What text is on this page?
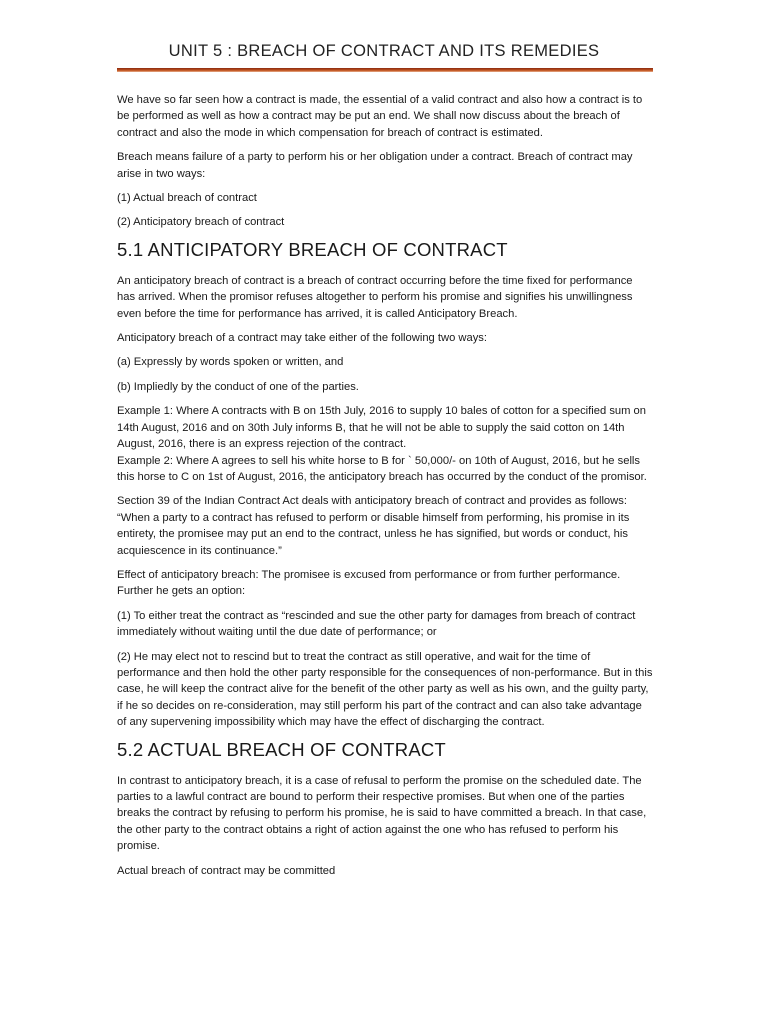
UNIT 5 : BREACH OF CONTRACT AND ITS REMEDIES

We have so far seen how a contract is made, the essential of a valid contract and also how a contract is to be performed as well as how a contract may be put an end. We shall now discuss about the breach of contract and also the mode in which compensation for breach of contract is estimated.

Breach means failure of a party to perform his or her obligation under a contract. Breach of contract may arise in two ways:

(1) Actual breach of contract

(2) Anticipatory breach of contract

5.1 ANTICIPATORY BREACH OF CONTRACT

An anticipatory breach of contract is a breach of contract occurring before the time fixed for performance has arrived. When the promisor refuses altogether to perform his promise and signifies his unwillingness even before the time for performance has arrived, it is called Anticipatory Breach.

Anticipatory breach of a contract may take either of the following two ways:

(a) Expressly by words spoken or written, and

(b) Impliedly by the conduct of one of the parties.

Example 1: Where A contracts with B on 15th July, 2016 to supply 10 bales of cotton for a specified sum on 14th August, 2016 and on 30th July informs B, that he will not be able to supply the said cotton on 14th August, 2016, there is an express rejection of the contract.

Example 2: Where A agrees to sell his white horse to B for ` 50,000/- on 10th of August, 2016, but he sells this horse to C on 1st of August, 2016, the anticipatory breach has occurred by the conduct of the promisor.

Section 39 of the Indian Contract Act deals with anticipatory breach of contract and provides as follows: “When a party to a contract has refused to perform or disable himself from performing, his promise in its entirety, the promisee may put an end to the contract, unless he has signified, but words or conduct, his acquiescence in its continuance.”

Effect of anticipatory breach: The promisee is excused from performance or from further performance. Further he gets an option:

(1) To either treat the contract as “rescinded and sue the other party for damages from breach of contract immediately without waiting until the due date of performance; or

(2) He may elect not to rescind but to treat the contract as still operative, and wait for the time of performance and then hold the other party responsible for the consequences of non-performance. But in this case, he will keep the contract alive for the benefit of the other party as well as his own, and the guilty party, if he so decides on re-consideration, may still perform his part of the contract and can also take advantage of any supervening impossibility which may have the effect of discharging the contract.

5.2 ACTUAL BREACH OF CONTRACT

In contrast to anticipatory breach, it is a case of refusal to perform the promise on the scheduled date. The parties to a lawful contract are bound to perform their respective promises. But when one of the parties breaks the contract by refusing to perform his promise, he is said to have committed a breach. In that case, the other party to the contract obtains a right of action against the one who has refused to perform his promise.

Actual breach of contract may be committed
